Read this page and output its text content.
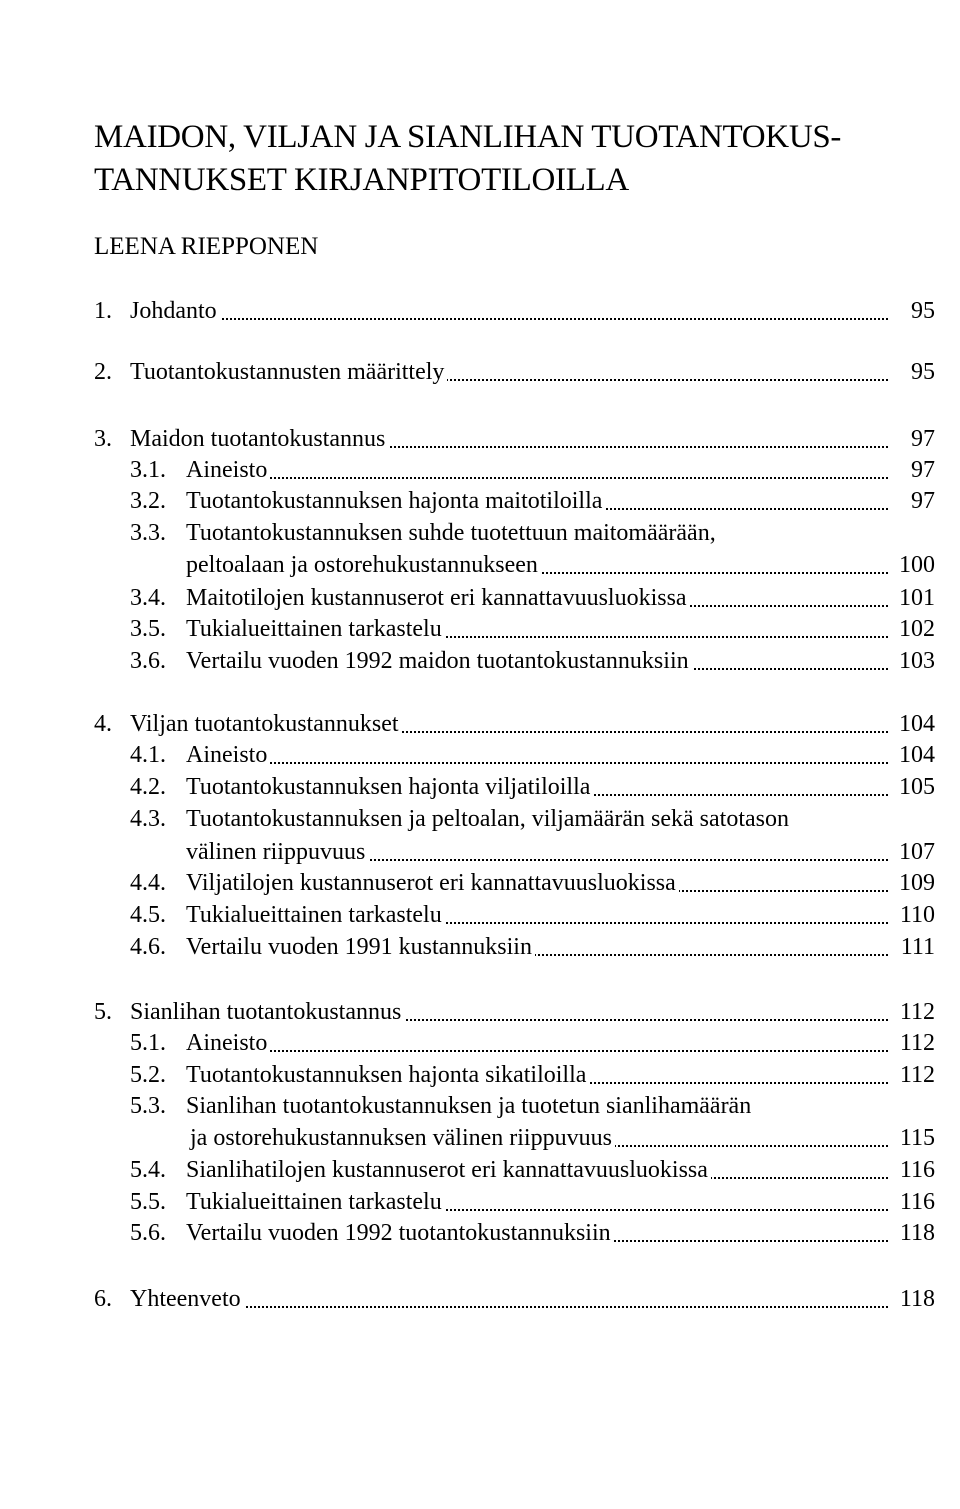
MAIDON, VILJAN JA SIANLIHAN TUOTANTOKUS-
TANNUKSET KIRJANPITOTILOILLA
LEENA RIEPPONEN
1. Johdanto	95
2. Tuotantokustannusten määrittely	95
3. Maidon tuotantokustannus	97
3.1. Aineisto	97
3.2. Tuotantokustannuksen hajonta maitotiloilla	97
3.3. Tuotantokustannuksen suhde tuotettuun maitomäärään,
peltoalaan ja ostorehukustannukseen	100
3.4. Maitotilojen kustannuserot eri kannattavuusluokissa	101
3.5. Tukialueittainen tarkastelu	102
3.6. Vertailu vuoden 1992 maidon tuotantokustannuksiin	103
4. Viljan tuotantokustannukset	104
4.1. Aineisto	104
4.2. Tuotantokustannuksen hajonta viljatiloilla	105
4.3. Tuotantokustannuksen ja peltoalan, viljamäärän sekä satotason
välinen riippuvuus	107
4.4. Viljatilojen kustannuserot eri kannattavuusluokissa	109
4.5. Tukialueittainen tarkastelu	110
4.6. Vertailu vuoden 1991 kustannuksiin	111
5. Sianlihan tuotantokustannus	112
5.1. Aineisto	112
5.2. Tuotantokustannuksen hajonta sikatiloilla	112
5.3. Sianlihan tuotantokustannuksen ja tuotetun sianlihamäärän
ja ostorehukustannuksen välinen riippuvuus	115
5.4. Sianlihatilojen kustannuserot eri kannattavuusluokissa	116
5.5. Tukialueittainen tarkastelu	116
5.6. Vertailu vuoden 1992 tuotantokustannuksiin	118
6. Yhteenveto	118
